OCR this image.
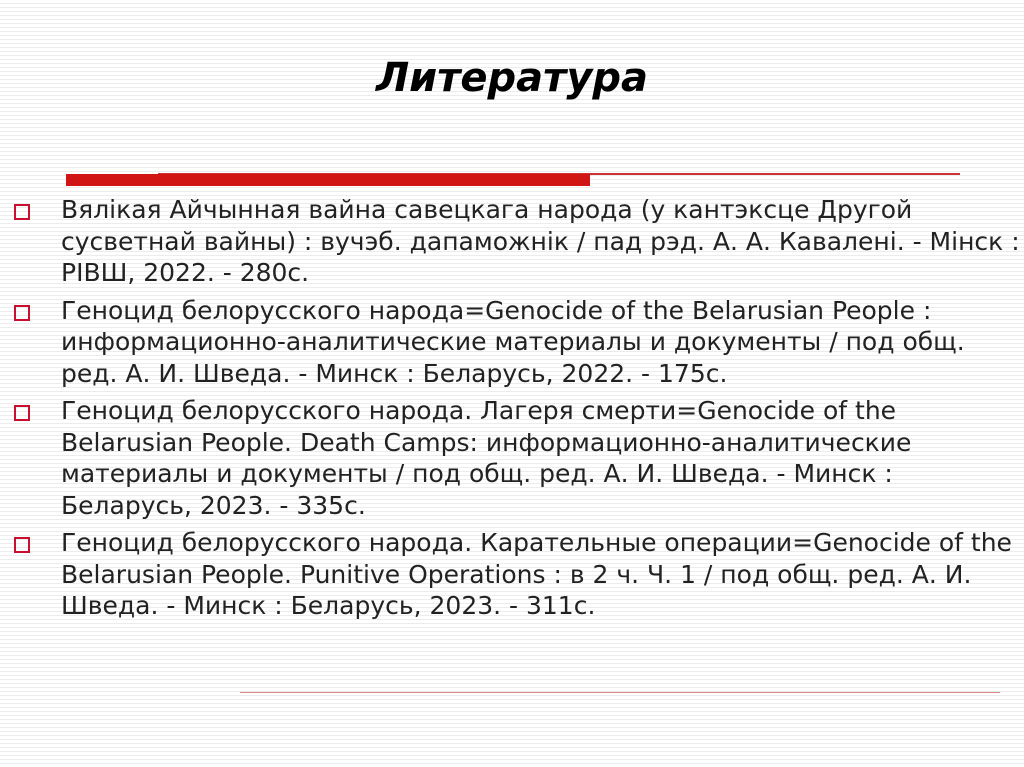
Литература
Вялікая Айчынная вайна савецкага народа (у кантэксце Другой сусветнай вайны) : вучэб. дапаможнік / пад рэд. А. А. Кавалені. - Мінск : РІВШ, 2022. - 280с.
Геноцид белорусского народа=Genocide of the Belarusian People : информационно-аналитические материалы и документы / под общ. ред. А. И. Шведа. - Минск : Беларусь, 2022. - 175с.
Геноцид белорусского народа. Лагеря смерти=Genocide of the Belarusian People. Death Camps: информационно-аналитические материалы и документы / под общ. ред. А. И. Шведа. - Минск : Беларусь, 2023. - 335с.
Геноцид белорусского народа. Карательные операции=Genocide of the Belarusian People. Punitive Operations : в 2 ч. Ч. 1 / под общ. ред. А. И. Шведа. - Минск : Беларусь, 2023. - 311с.
